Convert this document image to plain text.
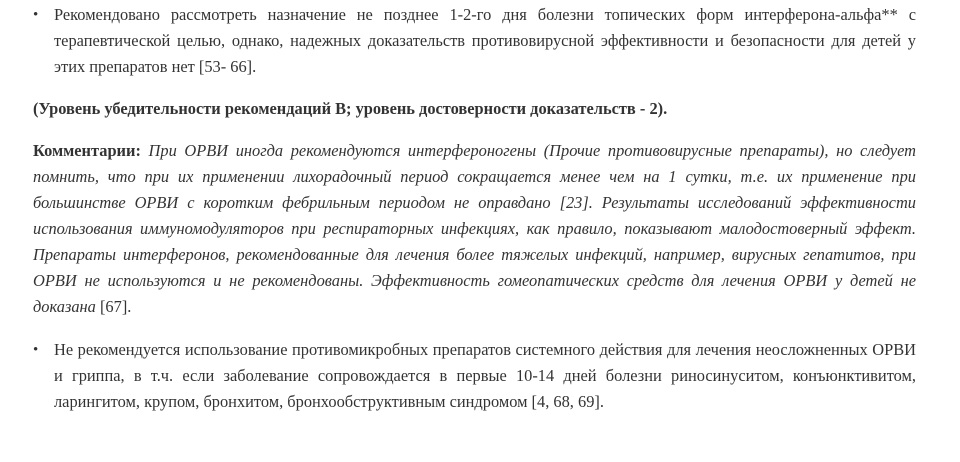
• Рекомендовано рассмотреть назначение не позднее 1-2-го дня болезни топических форм интерферона-альфа** с терапевтической целью, однако, надежных доказательств противовирусной эффективности и безопасности для детей у этих препаратов нет [53- 66].

(Уровень убедительности рекомендаций B; уровень достоверности доказательств - 2).

Комментарии: При ОРВИ иногда рекомендуются интерфероногены (Прочие противовирусные препараты), но следует помнить, что при их применении лихорадочный период сокращается менее чем на 1 сутки, т.е. их применение при большинстве ОРВИ с коротким фебрильным периодом не оправдано [23]. Результаты исследований эффективности использования иммуномодуляторов при респираторных инфекциях, как правило, показывают малодостоверный эффект. Препараты интерферонов, рекомендованные для лечения более тяжелых инфекций, например, вирусных гепатитов, при ОРВИ не используются и не рекомендованы. Эффективность гомеопатических средств для лечения ОРВИ у детей не доказана [67].

• Не рекомендуется использование противомикробных препаратов системного действия для лечения неосложненных ОРВИ и гриппа, в т.ч. если заболевание сопровождается в первые 10-14 дней болезни риносинуситом, конъюнктивитом, ларингитом, крупом, бронхитом, бронхообструктивным синдромом [4, 68, 69].
